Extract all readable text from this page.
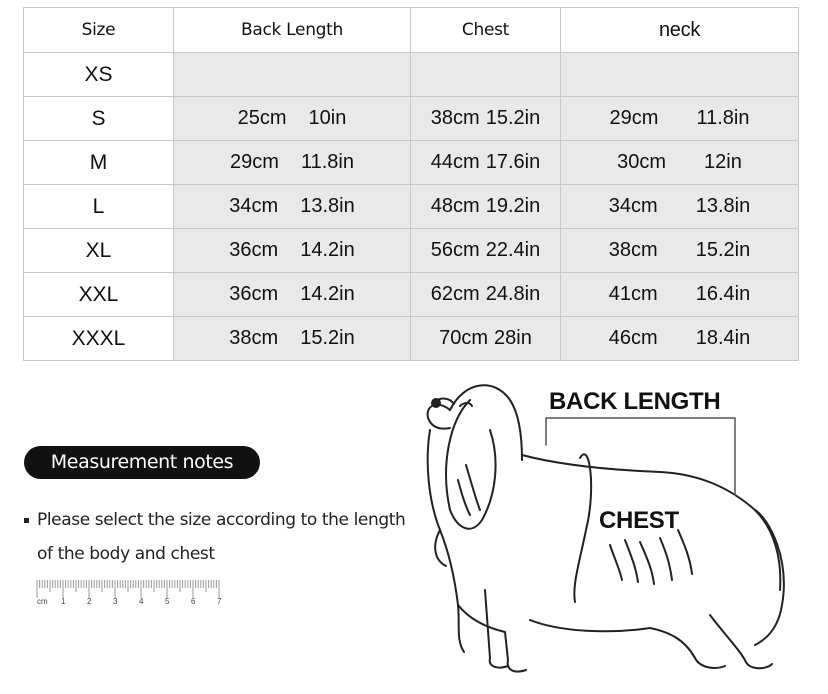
Size	Back Length	Chest	neck
XS			
S	25cm 10in	38cm 15.2in	29cm 11.8in
M	29cm 11.8in	44cm 17.6in	30cm 12in
L	34cm 13.8in	48cm 19.2in	34cm 13.8in
XL	36cm 14.2in	56cm 22.4in	38cm 15.2in
XXL	36cm 14.2in	62cm 24.8in	41cm 16.4in
XXXL	38cm 15.2in	70cm 28in	46cm 18.4in
Measurement notes
Please select the size according to the length
of the body and chest
cm 1	2	3	4	5	6	7
BACK LENGTH
CHEST
